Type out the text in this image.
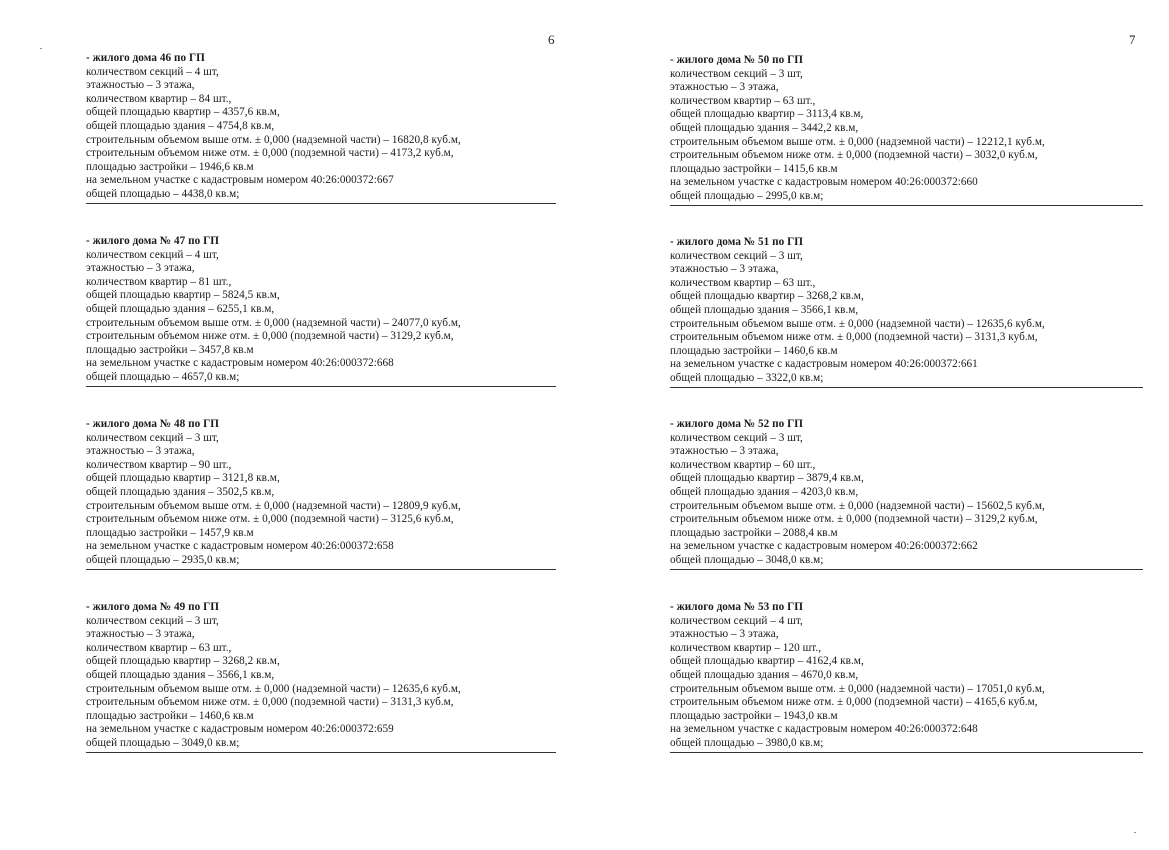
6
- жилого дома 46 по ГП
количеством секций – 4 шт,
этажностью – 3 этажа,
количеством квартир – 84 шт.,
общей площадью квартир – 4357,6 кв.м,
общей площадью здания – 4754,8 кв.м,
строительным объемом выше отм. ± 0,000 (надземной части) – 16820,8 куб.м,
строительным объемом ниже отм. ± 0,000 (подземной части) – 4173,2 куб.м,
площадью застройки – 1946,6 кв.м
на земельном участке с кадастровым номером 40:26:000372:667
общей площадью – 4438,0 кв.м;
- жилого дома № 47 по ГП
количеством секций – 4 шт,
этажностью – 3 этажа,
количеством квартир – 81 шт.,
общей площадью квартир – 5824,5 кв.м,
общей площадью здания – 6255,1 кв.м,
строительным объемом выше отм. ± 0,000 (надземной части) – 24077,0 куб.м,
строительным объемом ниже отм. ± 0,000 (подземной части) – 3129,2 куб.м,
площадью застройки – 3457,8 кв.м
на земельном участке с кадастровым номером 40:26:000372:668
общей площадью – 4657,0 кв.м;
- жилого дома № 48 по ГП
количеством секций – 3 шт,
этажностью – 3 этажа,
количеством квартир – 90 шт.,
общей площадью квартир – 3121,8 кв.м,
общей площадью здания – 3502,5 кв.м,
строительным объемом выше отм. ± 0,000 (надземной части) – 12809,9 куб.м,
строительным объемом ниже отм. ± 0,000 (подземной части) – 3125,6 куб.м,
площадью застройки – 1457,9 кв.м
на земельном участке с кадастровым номером 40:26:000372:658
общей площадью – 2935,0 кв.м;
- жилого дома № 49 по ГП
количеством секций – 3 шт,
этажностью – 3 этажа,
количеством квартир – 63 шт.,
общей площадью квартир – 3268,2 кв.м,
общей площадью здания – 3566,1 кв.м,
строительным объемом выше отм. ± 0,000 (надземной части) – 12635,6 куб.м,
строительным объемом ниже отм. ± 0,000 (подземной части) – 3131,3 куб.м,
площадью застройки – 1460,6 кв.м
на земельном участке с кадастровым номером 40:26:000372:659
общей площадью – 3049,0 кв.м;
7
- жилого дома № 50 по ГП
количеством секций – 3 шт,
этажностью – 3 этажа,
количеством квартир – 63 шт.,
общей площадью квартир – 3113,4 кв.м,
общей площадью здания – 3442,2 кв.м,
строительным объемом выше отм. ± 0,000 (надземной части) – 12212,1 куб.м,
строительным объемом ниже отм. ± 0,000 (подземной части) – 3032,0 куб.м,
площадью застройки – 1415,6 кв.м
на земельном участке с кадастровым номером 40:26:000372:660
общей площадью – 2995,0 кв.м;
- жилого дома № 51 по ГП
количеством секций – 3 шт,
этажностью – 3 этажа,
количеством квартир – 63 шт.,
общей площадью квартир – 3268,2 кв.м,
общей площадью здания – 3566,1 кв.м,
строительным объемом выше отм. ± 0,000 (надземной части) – 12635,6 куб.м,
строительным объемом ниже отм. ± 0,000 (подземной части) – 3131,3 куб.м,
площадью застройки – 1460,6 кв.м
на земельном участке с кадастровым номером 40:26:000372:661
общей площадью – 3322,0 кв.м;
- жилого дома № 52 по ГП
количеством секций – 3 шт,
этажностью – 3 этажа,
количеством квартир – 60 шт.,
общей площадью квартир – 3879,4 кв.м,
общей площадью здания – 4203,0 кв.м,
строительным объемом выше отм. ± 0,000 (надземной части) – 15602,5 куб.м,
строительным объемом ниже отм. ± 0,000 (подземной части) – 3129,2 куб.м,
площадью застройки – 2088,4 кв.м
на земельном участке с кадастровым номером 40:26:000372:662
общей площадью – 3048,0 кв.м;
- жилого дома № 53 по ГП
количеством секций – 4 шт,
этажностью – 3 этажа,
количеством квартир – 120 шт.,
общей площадью квартир – 4162,4 кв.м,
общей площадью здания – 4670,0 кв.м,
строительным объемом выше отм. ± 0,000 (надземной части) – 17051,0 куб.м,
строительным объемом ниже отм. ± 0,000 (подземной части) – 4165,6 куб.м,
площадью застройки – 1943,0 кв.м
на земельном участке с кадастровым номером 40:26:000372:648
общей площадью – 3980,0 кв.м;
